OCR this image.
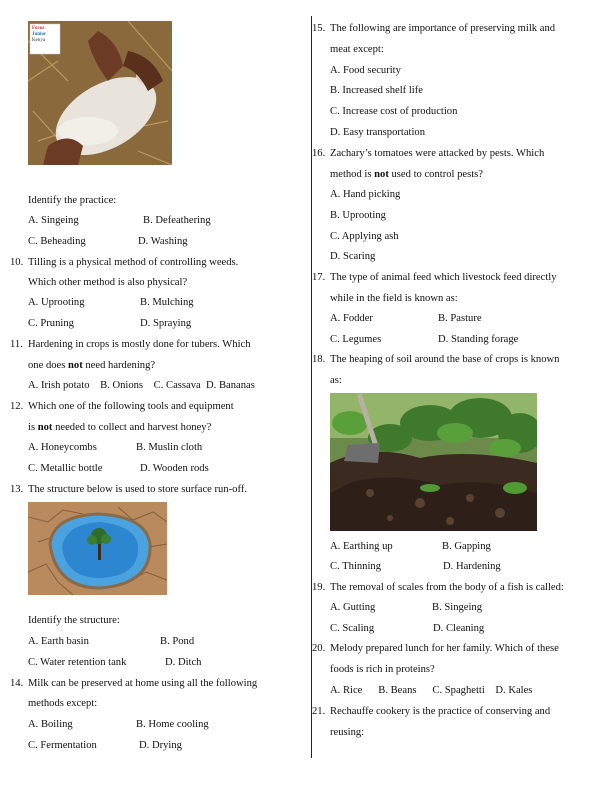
Focus
Junior
Kenya
Identify the practice:
A. Singeing	B. Defeathering
C. Beheading	D. Washing
10. Tilling is a physical method of controlling weeds.
Which other method is also physical?
A. Uprooting	B. Mulching
C. Pruning	D. Spraying
11. Hardening in crops is mostly done for tubers. Which
one does not need hardening?
A. Irish potato    B. Onions    C. Cassava  D. Bananas
12. Which one of the following tools and equipment
is not needed to collect and harvest honey?
A. Honeycombs	B. Muslin cloth
C. Metallic bottle	D. Wooden rods
13. The structure below is used to store surface run-off.
Identify the structure:
A. Earth basin	B. Pond
C. Water retention tank	D. Ditch
14. Milk can be preserved at home using all the following
methods except:
A. Boiling	B. Home cooling
C. Fermentation	D. Drying
15. The following are importance of preserving milk and
meat except:
A. Food security
B. Increased shelf life
C. Increase cost of production
D. Easy transportation
16. Zachary’s tomatoes were attacked by pests. Which
method is not used to control pests?
A. Hand picking
B. Uprooting
C. Applying ash
D. Scaring
17. The type of animal feed which livestock feed directly
while in the field is known as:
A. Fodder	B. Pasture
C. Legumes	D. Standing forage
18. The heaping of soil around the base of crops is known
as:
A. Earthing up	B. Gapping
C. Thinning	D. Hardening
19. The removal of scales from the body of a fish is called:
A. Gutting	B. Singeing
C. Scaling	D. Cleaning
20. Melody prepared lunch for her family. Which of these
foods is rich in proteins?
A. Rice      B. Beans      C. Spaghetti    D. Kales
21. Rechauffe cookery is the practice of conserving and
reusing:
